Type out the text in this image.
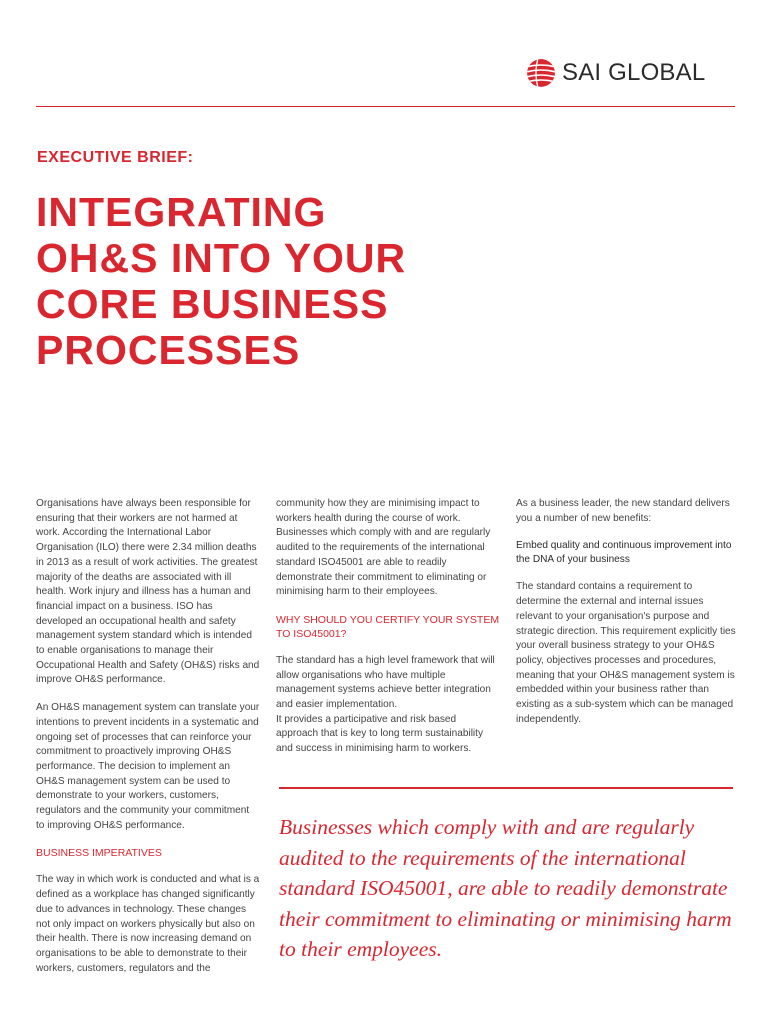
SAI GLOBAL
EXECUTIVE BRIEF:
INTEGRATING
OH&S INTO YOUR
CORE BUSINESS
PROCESSES

Organisations have always been responsible for ensuring that their workers are not harmed at work. According the International Labor Organisation (ILO) there were 2.34 million deaths in 2013 as a result of work activities. The greatest majority of the deaths are associated with ill health. Work injury and illness has a human and financial impact on a business. ISO has developed an occupational health and safety management system standard which is intended to enable organisations to manage their Occupational Health and Safety (OH&S) risks and improve OH&S performance.

An OH&S management system can translate your intentions to prevent incidents in a systematic and ongoing set of processes that can reinforce your commitment to proactively improving OH&S performance. The decision to implement an OH&S management system can be used to demonstrate to your workers, customers, regulators and the community your commitment to improving OH&S performance.

BUSINESS IMPERATIVES

The way in which work is conducted and what is a defined as a workplace has changed significantly due to advances in technology. These changes not only impact on workers physically but also on their health. There is now increasing demand on organisations to be able to demonstrate to their workers, customers, regulators and the

community how they are minimising impact to workers health during the course of work. Businesses which comply with and are regularly audited to the requirements of the international standard ISO45001 are able to readily demonstrate their commitment to eliminating or minimising harm to their employees.

WHY SHOULD YOU CERTIFY YOUR SYSTEM TO ISO45001?

The standard has a high level framework that will allow organisations who have multiple management systems achieve better integration and easier implementation.

It provides a participative and risk based approach that is key to long term sustainability and success in minimising harm to workers.

As a business leader, the new standard delivers you a number of new benefits:

Embed quality and continuous improvement into the DNA of your business

The standard contains a requirement to determine the external and internal issues relevant to your organisation's purpose and strategic direction. This requirement explicitly ties your overall business strategy to your OH&S policy, objectives processes and procedures, meaning that your OH&S management system is embedded within your business rather than existing as a sub-system which can be managed independently.

Businesses which comply with and are regularly audited to the requirements of the international standard ISO45001, are able to readily demonstrate their commitment to eliminating or minimising harm to their employees.
